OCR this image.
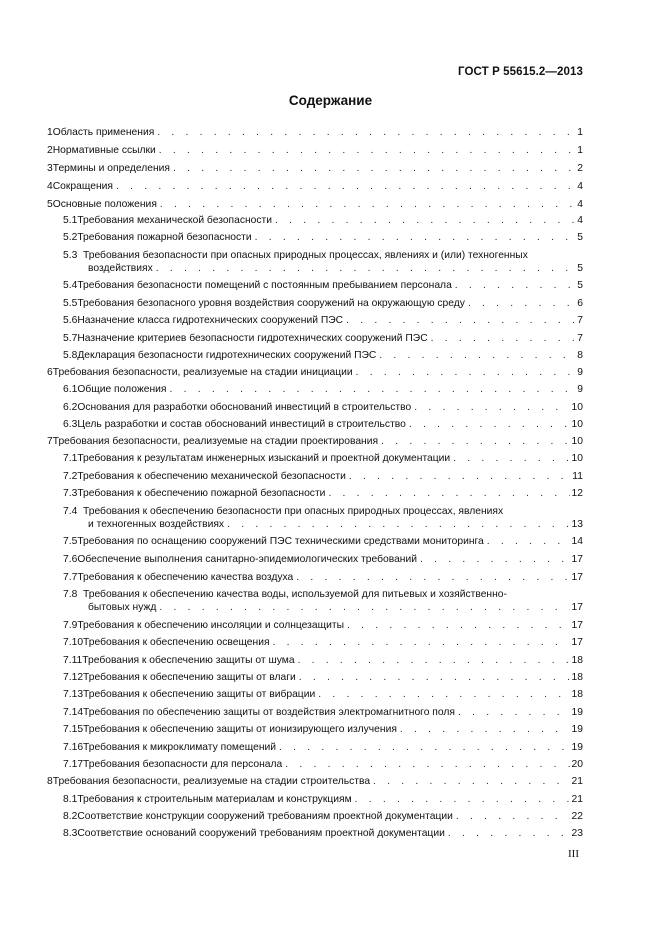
ГОСТ Р 55615.2—2013
Содержание
1 Область применения . . .	1
2 Нормативные ссылки . . .	1
3 Термины и определения . . .	2
4 Сокращения . . .	4
5 Основные положения . . .	4
5.1 Требования механической безопасности . . .	4
5.2 Требования пожарной безопасности . . .	5
5.3 Требования безопасности при опасных природных процессах, явлениях и (или) техногенных
воздействиях . . .	5
5.4 Требования безопасности помещений с постоянным пребыванием персонала . . .	5
5.5 Требования безопасного уровня воздействия сооружений на окружающую среду . . .	6
5.6 Назначение класса гидротехнических сооружений ПЭС . . .	7
5.7 Назначение критериев безопасности гидротехнических сооружений ПЭС . . .	7
5.8 Декларация безопасности гидротехнических сооружений ПЭС . . .	8
6 Требования безопасности, реализуемые на стадии инициации . . .	9
6.1 Общие положения . . .	9
6.2 Основания для разработки обоснований инвестиций в строительство . . .	10
6.3 Цель разработки и состав обоснований инвестиций в строительство . . .	10
7 Требования безопасности, реализуемые на стадии проектирования . . .	10
7.1 Требования к результатам инженерных изысканий и проектной документации . . .	10
7.2 Требования к обеспечению механической безопасности . . .	11
7.3 Требования к обеспечению пожарной безопасности . . .	12
7.4 Требования к обеспечению безопасности при опасных природных процессах, явлениях
и техногенных воздействиях . . .	13
7.5 Требования по оснащению сооружений ПЭС техническими средствами мониторинга . . .	14
7.6 Обеспечение выполнения санитарно-эпидемиологических требований . . .	17
7.7 Требования к обеспечению качества воздуха . . .	17
7.8 Требования к обеспечению качества воды, используемой для питьевых и хозяйственно-
бытовых нужд . . .	17
7.9 Требования к обеспечению инсоляции и солнцезащиты . . .	17
7.10 Требования к обеспечению освещения . . .	17
7.11 Требования к обеспечению защиты от шума . . .	18
7.12 Требования к обеспечению защиты от влаги . . .	18
7.13 Требования к обеспечению защиты от вибрации . . .	18
7.14 Требования по обеспечению защиты от воздействия электромагнитного поля . . .	19
7.15 Требования к обеспечению защиты от ионизирующего излучения . . .	19
7.16 Требования к микроклимату помещений . . .	19
7.17 Требования безопасности для персонала . . .	20
8 Требования безопасности, реализуемые на стадии строительства . . .	21
8.1 Требования к строительным материалам и конструкциям . . .	21
8.2 Соответствие конструкции сооружений требованиям проектной документации . . .	22
8.3 Соответствие оснований сооружений требованиям проектной документации . . .	23
III
